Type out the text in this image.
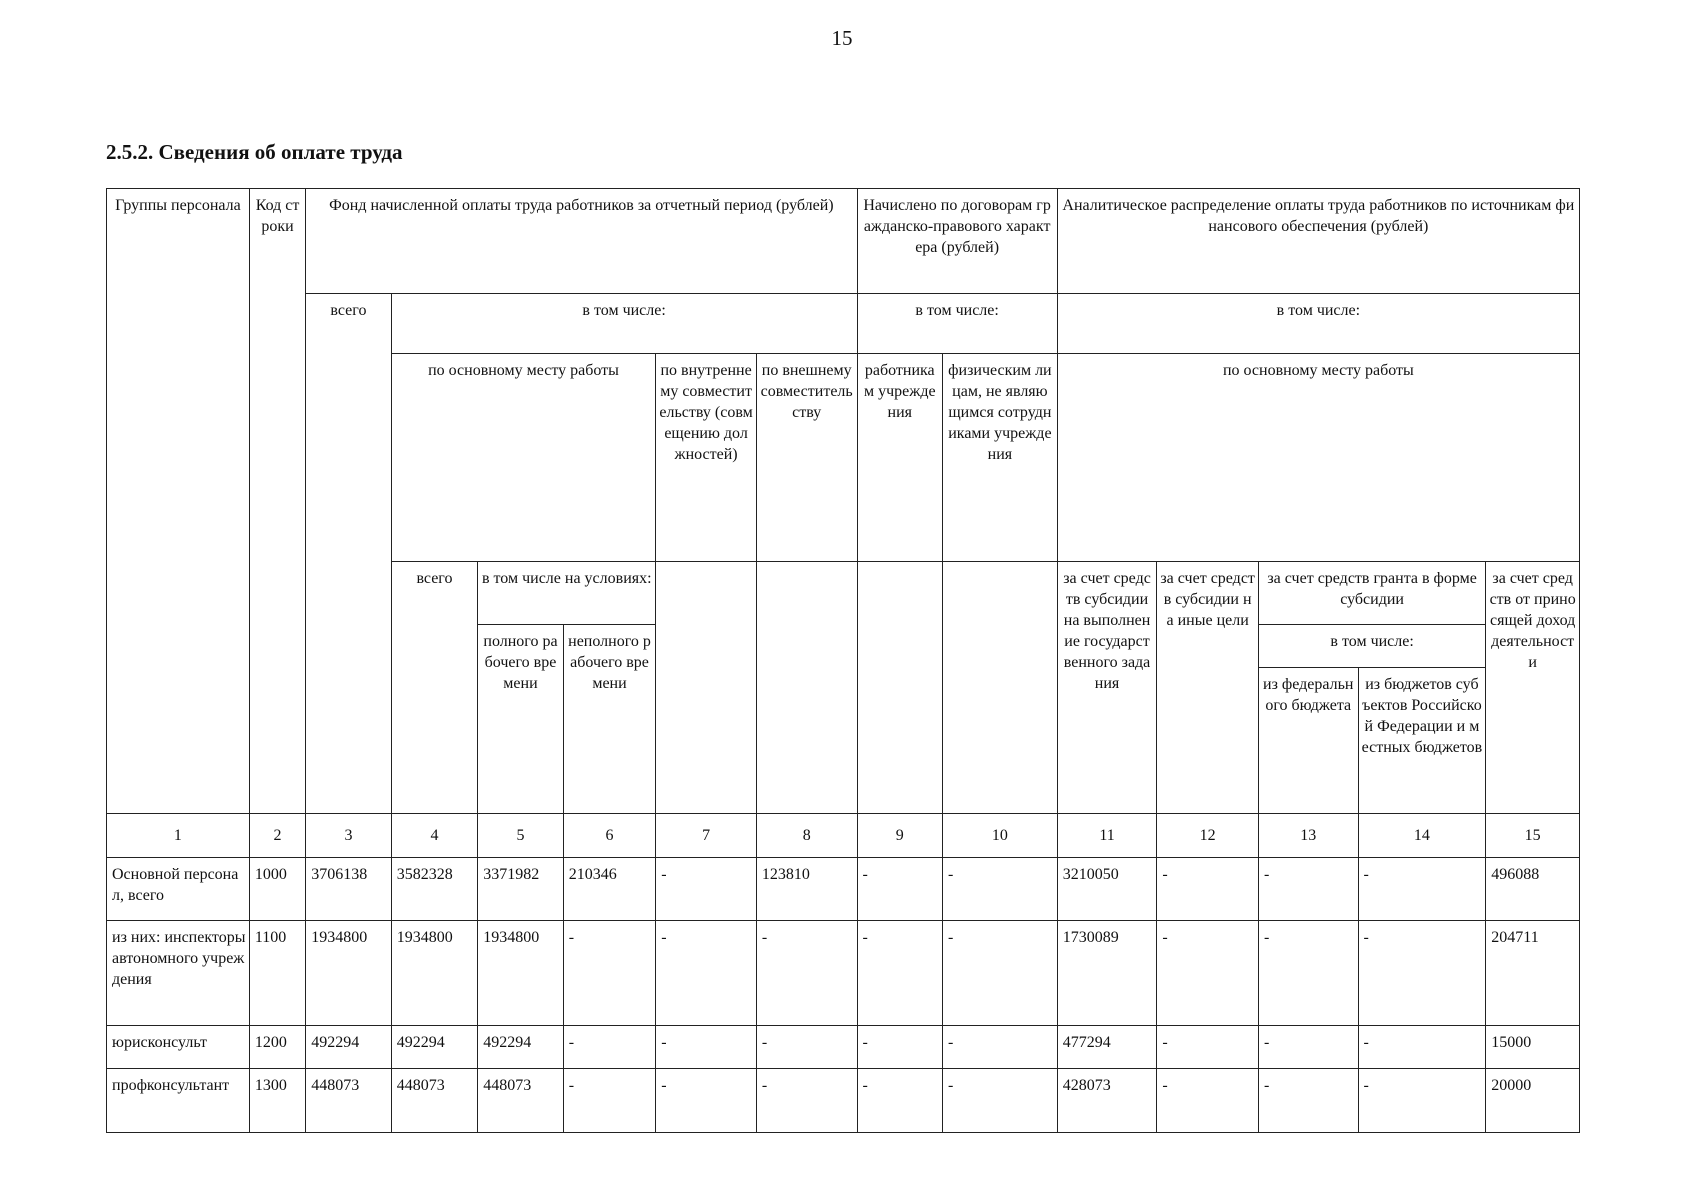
15
2.5.2. Сведения об оплате труда
Группы персонала	Код строки	Фонд начисленной оплаты труда работников за отчетный период (рублей)						Начислено по договорам гражданско-правового характера (рублей)		Аналитическое распределение оплаты труда работников по источникам финансового обеспечения (рублей)				
		всего	в том числе:					в том числе:		в том числе:				
			по основному месту работы			по внутреннему совместительству (совмещению должностей)	по внешнему совместительству	работникам учреждения	физическим лицам, не являющимся сотрудниками учреждения	по основному месту работы				
			всего	в том числе на условиях:						за счет средств субсидии на выполнение государственного задания	за счет средств субсидии на иные цели	за счет средств гранта в форме субсидии		за счет средств от приносящей доход деятельности
				полного рабочего времени	неполного рабочего времени							в том числе:		
												из федерального бюджета	из бюджетов субъектов Российской Федерации и местных бюджетов	
1	2	3	4	5	6	7	8	9	10	11	12	13	14	15
Основной персонал, всего	1000	3706138	3582328	3371982	210346	-	123810	-	-	3210050	-	-	-	496088
из них: инспекторы автономного учреждения	1100	1934800	1934800	1934800	-	-	-	-	-	1730089	-	-	-	204711
юрисконсульт	1200	492294	492294	492294	-	-	-	-	-	477294	-	-	-	15000
профконсультант	1300	448073	448073	448073	-	-	-	-	-	428073	-	-	-	20000
